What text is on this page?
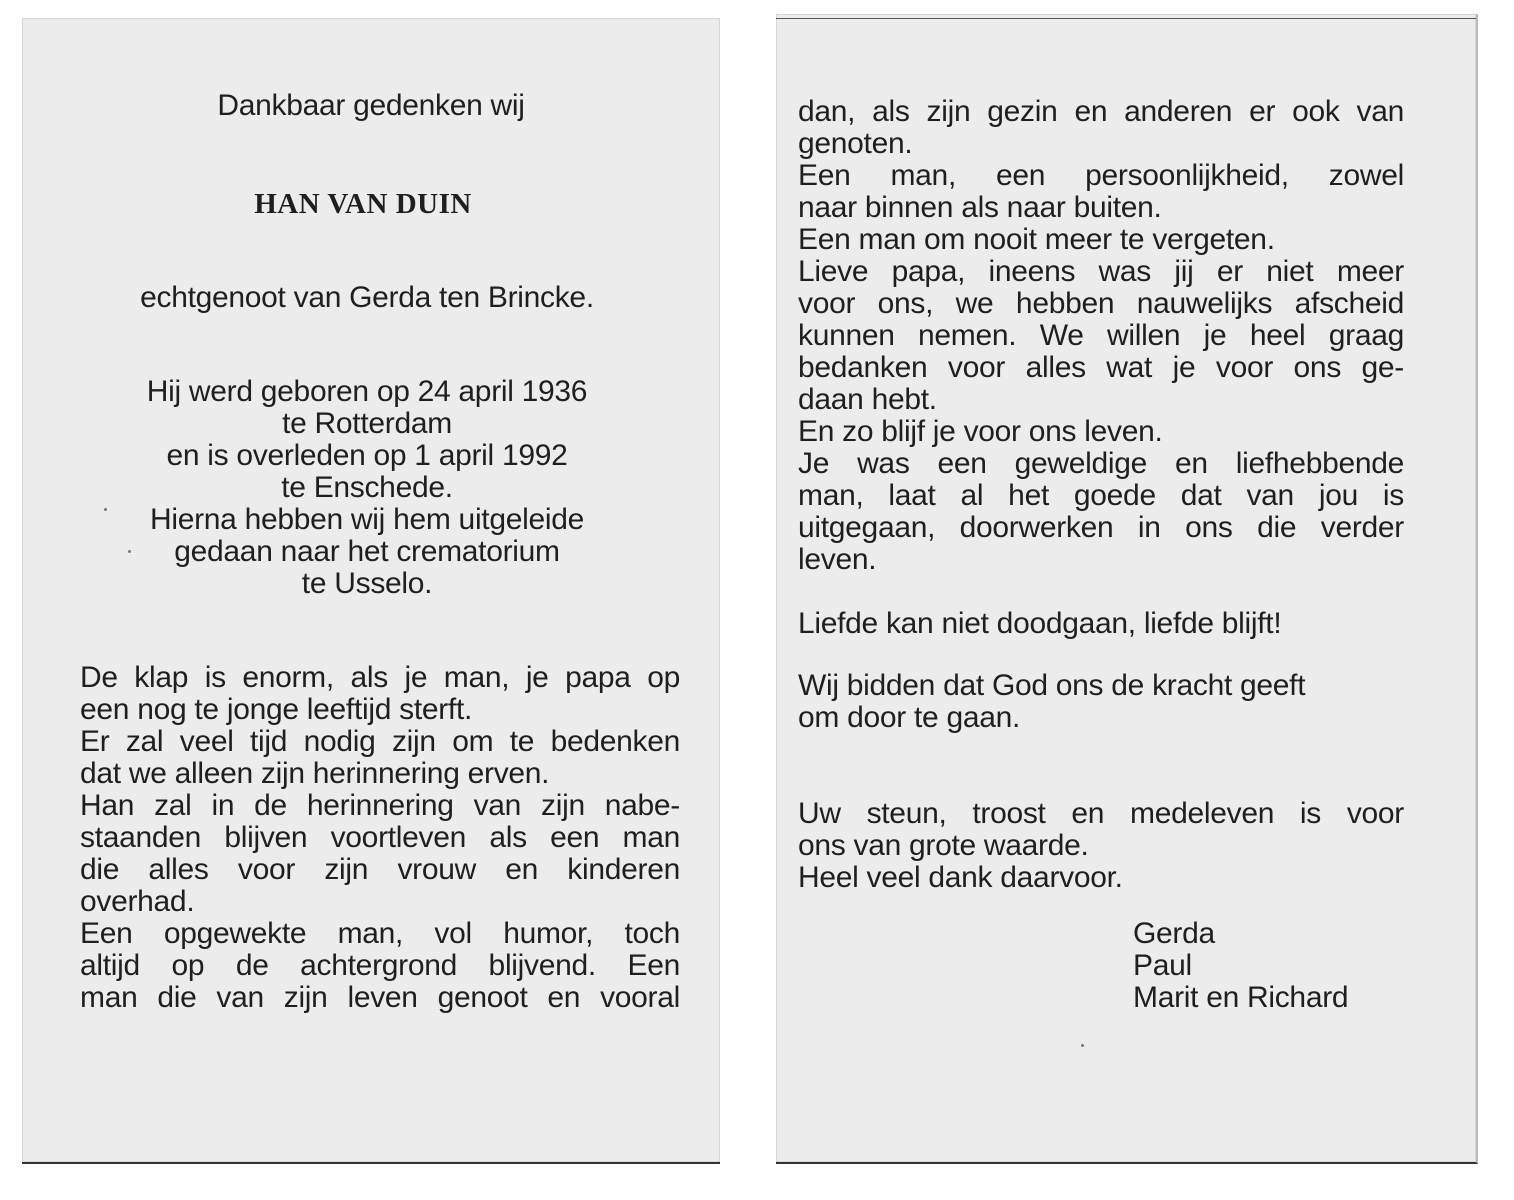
Dankbaar gedenken wij
HAN VAN DUIN
echtgenoot van Gerda ten Brincke.
Hij werd geboren op 24 april 1936
te Rotterdam
en is overleden op 1 april 1992
te Enschede.
Hierna hebben wij hem uitgeleide
gedaan naar het crematorium
te Usselo.
De klap is enorm, als je man, je papa op
een nog te jonge leeftijd sterft.
Er zal veel tijd nodig zijn om te bedenken
dat we alleen zijn herinnering erven.
Han zal in de herinnering van zijn nabe-
staanden blijven voortleven als een man
die alles voor zijn vrouw en kinderen
overhad.
Een opgewekte man, vol humor, toch
altijd op de achtergrond blijvend. Een
man die van zijn leven genoot en vooral
dan, als zijn gezin en anderen er ook van
genoten.
Een man, een persoonlijkheid, zowel
naar binnen als naar buiten.
Een man om nooit meer te vergeten.
Lieve papa, ineens was jij er niet meer
voor ons, we hebben nauwelijks afscheid
kunnen nemen. We willen je heel graag
bedanken voor alles wat je voor ons ge-
daan hebt.
En zo blijf je voor ons leven.
Je was een geweldige en liefhebbende
man, laat al het goede dat van jou is
uitgegaan, doorwerken in ons die verder
leven.
Liefde kan niet doodgaan, liefde blijft!
Wij bidden dat God ons de kracht geeft
om door te gaan.
Uw steun, troost en medeleven is voor
ons van grote waarde.
Heel veel dank daarvoor.
Gerda
Paul
Marit en Richard
